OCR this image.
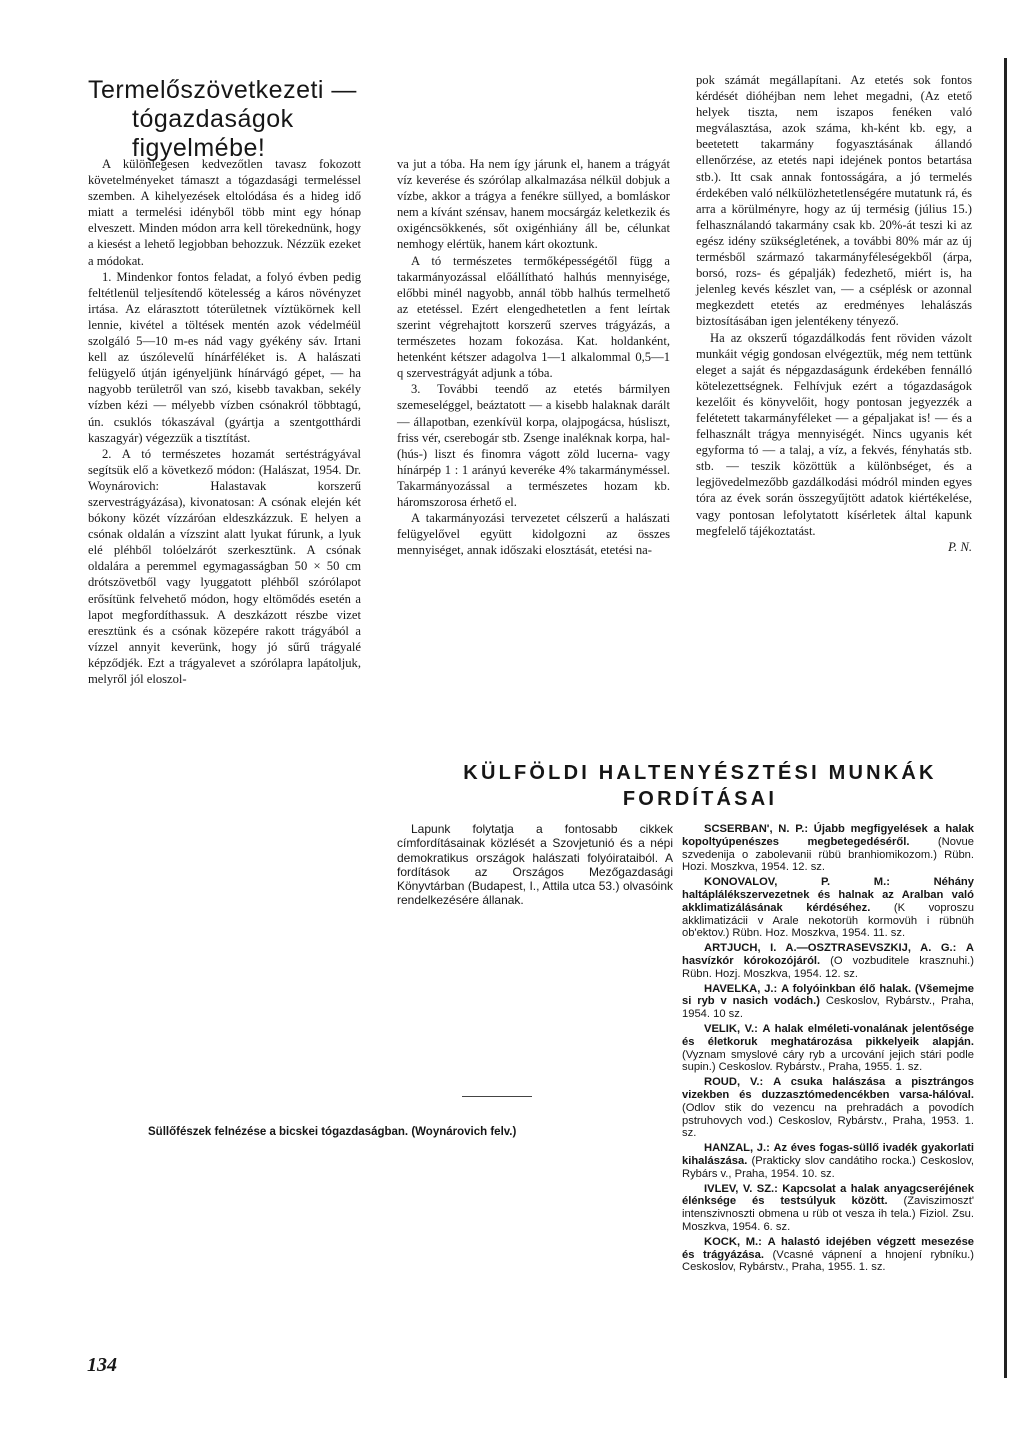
Termelőszövetkezeti —
tógazdaságok figyelmébe!

A különlegesen kedvezőtlen tavasz fokozott követelményeket támaszt a tógazdasági termeléssel szemben. A kihelyezések eltolódása és a hideg idő miatt a termelési idényből több mint egy hónap elveszett. Minden módon arra kell törekednünk, hogy a kiesést a lehető legjobban behozzuk. Nézzük ezeket a módokat.

1. Mindenkor fontos feladat, a folyó évben pedig feltétlenül teljesítendő kötelesség a káros növényzet irtása. Az elárasztott tóterületnek víztükörnek kell lennie, kivétel a töltések mentén azok védelméül szolgáló 5—10 m-es nád vagy gyékény sáv. Irtani kell az úszólevelű hínárféléket is. A halászati felügyelő útján igényeljünk hínárvágó gépet, — ha nagyobb területről van szó, kisebb tavakban, sekély vízben kézi — mélyebb vízben csónakról többtagú, ún. csuklós tókaszával (gyártja a szentgotthárdi kaszagyár) végezzük a tisztítást.

2. A tó természetes hozamát sertéstrágyával segítsük elő a következő módon: (Halászat, 1954. Dr. Woynárovich: Halastavak korszerű szervestrágyázása), kivonatosan: A csónak elején két bókony közét vízzáróan eldeszkázzuk. E helyen a csónak oldalán a vízszint alatt lyukat fúrunk, a lyuk elé pléhből tolóelzárót szerkesztünk. A csónak oldalára a peremmel egymagasságban 50 × 50 cm drótszövetből vagy lyuggatott pléhből szórólapot erősítünk felvehető módon, hogy eltömődés esetén a lapot megfordíthassuk. A deszkázott részbe vizet eresztünk és a csónak közepére rakott trágyából a vízzel annyit keverünk, hogy jó sűrű trágyalé képződjék. Ezt a trágyalevet a szórólapra lapátoljuk, melyről jól eloszol-

va jut a tóba. Ha nem így járunk el, hanem a trágyát víz keverése és szórólap alkalmazása nélkül dobjuk a vízbe, akkor a trágya a fenékre süllyed, a bomláskor nem a kívánt szénsav, hanem mocsárgáz keletkezik és oxigéncsökkenés, sőt oxigénhiány áll be, célunkat nemhogy elértük, hanem kárt okoztunk.

A tó természetes termőképességétől függ a takarmányozással előállítható halhús mennyisége, előbbi minél nagyobb, annál több halhús termelhető az etetéssel. Ezért elengedhetetlen a fent leírtak szerint végrehajtott korszerű szerves trágyázás, a természetes hozam fokozása. Kat. holdanként, hetenként kétszer adagolva 1—1 alkalommal 0,5—1 q szervestrágyát adjunk a tóba.

3. További teendő az etetés bármilyen szemeseléggel, beáztatott — a kisebb halaknak darált — állapotban, ezenkívül korpa, olajpogácsa, húsliszt, friss vér, cserebogár stb. Zsenge inaléknak korpa, hal- (hús-) liszt és finomra vágott zöld lucerna- vagy hínárpép 1 : 1 arányú keveréke 4% takarmányméssel. Takarmányozással a természetes hozam kb. háromszorosa érhető el.

A takarmányozási tervezetet célszerű a halászati felügyelővel együtt kidolgozni az összes mennyiséget, annak időszaki elosztását, etetési na-

pok számát megállapítani. Az etetés sok fontos kérdését dióhéjban nem lehet megadni, (Az etető helyek tiszta, nem iszapos fenéken való megválasztása, azok száma, kh-ként kb. egy, a beetetett takarmány fogyasztásának állandó ellenőrzése, az etetés napi idejének pontos betartása stb.). Itt csak annak fontosságára, a jó termelés érdekében való nélkülözhetetlenségére mutatunk rá, és arra a körülményre, hogy az új termésig (július 15.) felhasználandó takarmány csak kb. 20%-át teszi ki az egész idény szükségletének, a további 80% már az új termésből származó takarmányféleségekből (árpa, borsó, rozs- és gépalják) fedezhető, miért is, ha jelenleg kevés készlet van, — a cséplésk or azonnal megkezdett etetés az eredményes lehalászás biztosításában igen jelentékeny tényező.

Ha az okszerű tógazdálkodás fent röviden vázolt munkáit végig gondosan elvégeztük, még nem tettünk eleget a saját és népgazdaságunk érdekében fennálló kötelezettségnek. Felhívjuk ezért a tógazdaságok kezelőit és könyvelőit, hogy pontosan jegyezzék a felétetett takarmányféleket — a gépaljakat is! — és a felhasznált trágya mennyiségét. Nincs ugyanis két egyforma tó — a talaj, a víz, a fekvés, fényhatás stb. stb. — teszik közöttük a különbséget, és a legjövedelmezőbb gazdálkodási módról minden egyes tóra az évek során összegyűjtött adatok kiértékelése, vagy pontosan lefolytatott kísérletek által kapunk megfelelő tájékoztatást.

P. N.

KÜLFÖLDI HALTENYÉSZTÉSI MUNKÁK
FORDÍTÁSAI

Lapunk folytatja a fontosabb cikkek címfordításainak közlését a Szovjetunió és a népi demokratikus országok halászati folyóirataiból. A fordítások az Országos Mezőgazdasági Könyvtárban (Budapest, I., Attila utca 53.) olvasóink rendelkezésére állanak.

SCSERBAN', N. P.: Újabb megfigyelések a halak kopoltyúpenészes megbetegedéséről.	(Novue szvedenija o zabolevanii rübü branhiomikozom.) Rübn. Hozi. Moszkva, 1954. 12. sz.

KONOVALOV, P. M.:	Néhány haltáplálékszervezetnek és halnak az Aralban való akklimatizálásának kérdéséhez. (K voproszu akklimatizácii v Arale nekotorüh kormovüh i rübnüh ob'ektov.) Rübn. Hoz. Moszkva, 1954. 11. sz.

ARTJUCH, I. A.—OSZTRASEVSZKIJ, A. G.: A hasvízkór kórokozójáról. (O vozbuditele krasznuhi.) Rübn. Hozj. Moszkva, 1954. 12. sz.

HAVELKA, J.: A folyóinkban élő halak. (Všemejme si ryb v nasich vodách.) Ceskoslov, Rybárstv., Praha, 1954. 10 sz.

VELIK, V.: A halak elméleti-vonalának jelentősége és életkoruk meghatározása pikkelyeik alapján. (Vyznam smyslové cáry ryb a urcování jejich stári podle supin.) Ceskoslov. Rybárstv., Praha, 1955. 1. sz.

ROUD, V.: A csuka halászása a pisztrángos vizekben és duzzasztómedencékben varsa-hálóval. (Odlov stik do vezencu na prehradách a povodích pstruhovych vod.) Ceskoslov, Rybárstv., Praha, 1953. 1. sz.

HANZAL, J.: Az éves fogas-süllő ivadék gyakorlati kihalászása. (Prakticky slov candátiho rocka.) Ceskoslov, Rybárs v., Praha, 1954. 10. sz.

IVLEV, V. SZ.: Kapcsolat a halak anyagcseréjének élénksége és testsúlyuk között. (Zaviszimoszt' intenszivnoszti obmena u rüb ot vesza ih tela.) Fiziol. Zsu. Moszkva, 1954. 6. sz.

KOCK, M.: A halastó idejében végzett mesezése és trágyázása. (Vcasné vápnení a hnojení rybníku.) Ceskoslov, Rybárstv., Praha, 1955. 1. sz.

Süllőfészek felnézése a bicskei tógazdaságban. (Woynárovich felv.)
134
